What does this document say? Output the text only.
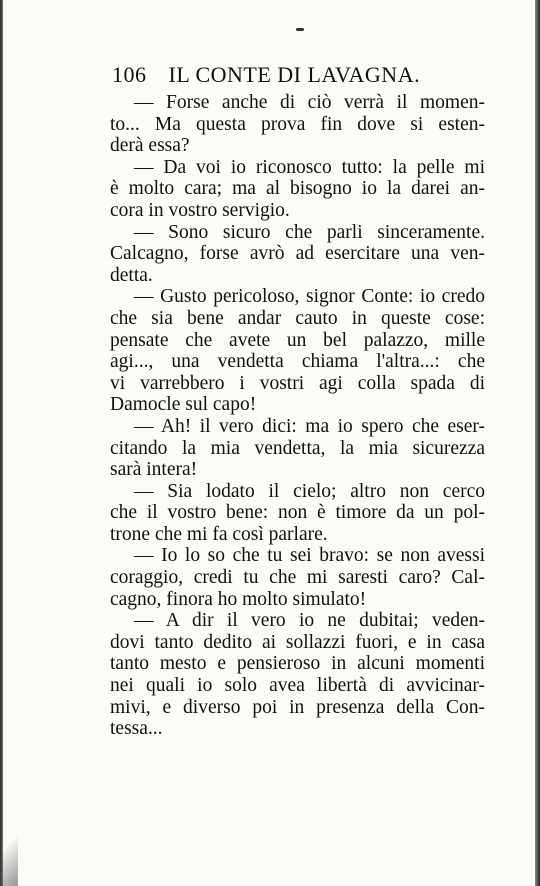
106 IL CONTE DI LAVAGNA.
— Forse anche di ciò verrà il momen-
to... Ma questa prova fin dove si esten-
derà essa?
— Da voi io riconosco tutto: la pelle mi
è molto cara; ma al bisogno io la darei an-
cora in vostro servigio.
— Sono sicuro che parli sinceramente.
Calcagno, forse avrò ad esercitare una ven-
detta.
— Gusto pericoloso, signor Conte: io credo
che sia bene andar cauto in queste cose:
pensate che avete un bel palazzo, mille
agi..., una vendetta chiama l'altra...: che
vi varrebbero i vostri agi colla spada di
Damocle sul capo!
— Ah! il vero dici: ma io spero che eser-
citando la mia vendetta, la mia sicurezza
sarà intera!
— Sia lodato il cielo; altro non cerco
che il vostro bene: non è timore da un pol-
trone che mi fa così parlare.
— Io lo so che tu sei bravo: se non avessi
coraggio, credi tu che mi saresti caro? Cal-
cagno, finora ho molto simulato!
— A dir il vero io ne dubitai; veden-
dovi tanto dedito ai sollazzi fuori, e in casa
tanto mesto e pensieroso in alcuni momenti
nei quali io solo avea libertà di avvicinar-
mivi, e diverso poi in presenza della Con-
tessa...
